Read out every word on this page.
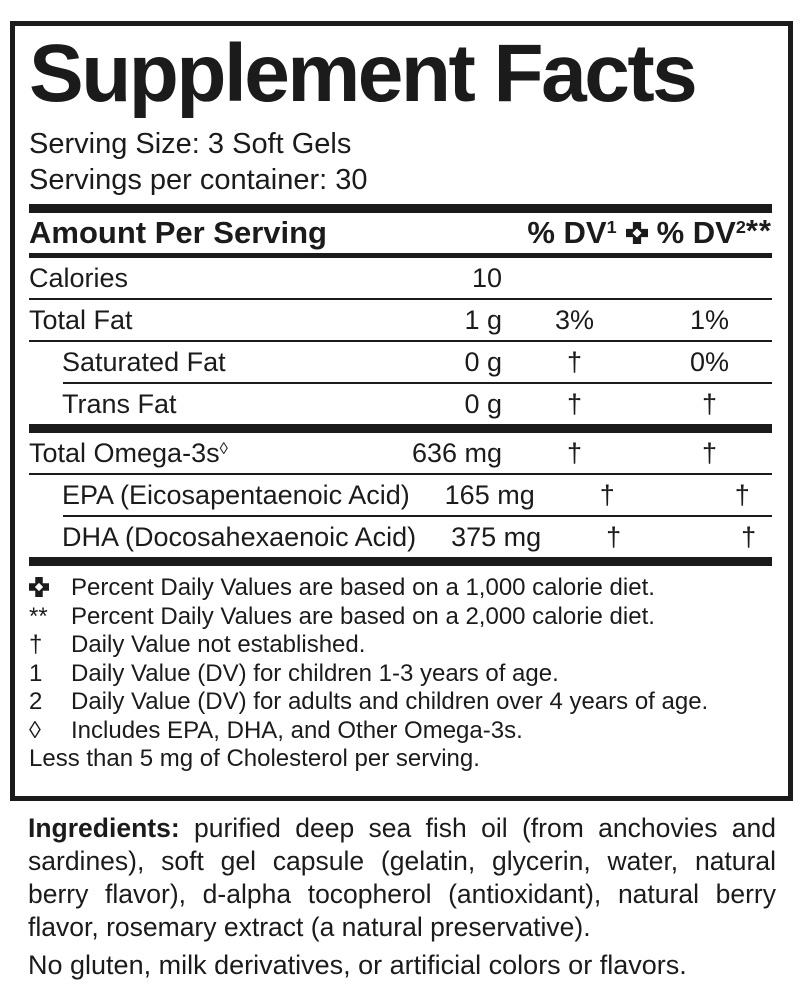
Supplement Facts
Serving Size: 3 Soft Gels
Servings per container: 30
Amount Per Serving	% $DV^1$ % $DV^2**$
Calories	10
Total Fat	1 g	3%	1%
Saturated Fat	0 g	†	0%
Trans Fat	0 g	†	†
Total Omega-3s◊	636 mg	†	†
EPA (Eicosapentaenoic Acid)	165 mg	†	†
DHA (Docosahexaenoic Acid)	375 mg	†	†
Percent Daily Values are based on a 1,000 calorie diet.
** Percent Daily Values are based on a 2,000 calorie diet.
†	Daily Value not established.
1	Daily Value (DV) for children 1-3 years of age.
2	Daily Value (DV) for adults and children over 4 years of age.
◊	Includes EPA, DHA, and Other Omega-3s.
Less than 5 mg of Cholesterol per serving.

Ingredients: purified deep sea fish oil (from anchovies and sardines), soft gel capsule (gelatin, glycerin, water, natural berry flavor), d-alpha tocopherol (antioxidant), natural berry flavor, rosemary extract (a natural preservative).

No gluten, milk derivatives, or artificial colors or flavors.
